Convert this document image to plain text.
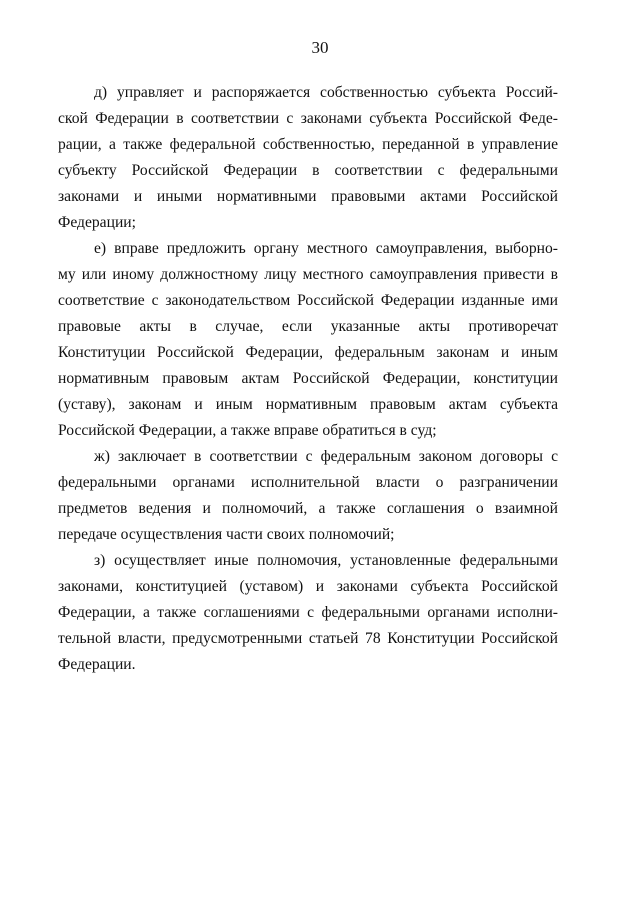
30
д) управляет и распоряжается собственностью субъекта Россий-
ской Федерации в соответствии с законами субъекта Российской Феде-
рации, а также федеральной собственностью, переданной в управление
субъекту Российской Федерации в соответствии с федеральными
законами и иными нормативными правовыми актами Российской
Федерации;
е) вправе предложить органу местного самоуправления, выборно-
му или иному должностному лицу местного самоуправления привести в
соответствие с законодательством Российской Федерации изданные ими
правовые акты в случае, если указанные акты противоречат
Конституции Российской Федерации, федеральным законам и иным
нормативным правовым актам Российской Федерации, конституции
(уставу), законам и иным нормативным правовым актам субъекта
Российской Федерации, а также вправе обратиться в суд;
ж) заключает в соответствии с федеральным законом договоры с
федеральными органами исполнительной власти о разграничении
предметов ведения и полномочий, а также соглашения о взаимной
передаче осуществления части своих полномочий;
з) осуществляет иные полномочия, установленные федеральными
законами, конституцией (уставом) и законами субъекта Российской
Федерации, а также соглашениями с федеральными органами исполни-
тельной власти, предусмотренными статьей 78 Конституции Российской
Федерации.
